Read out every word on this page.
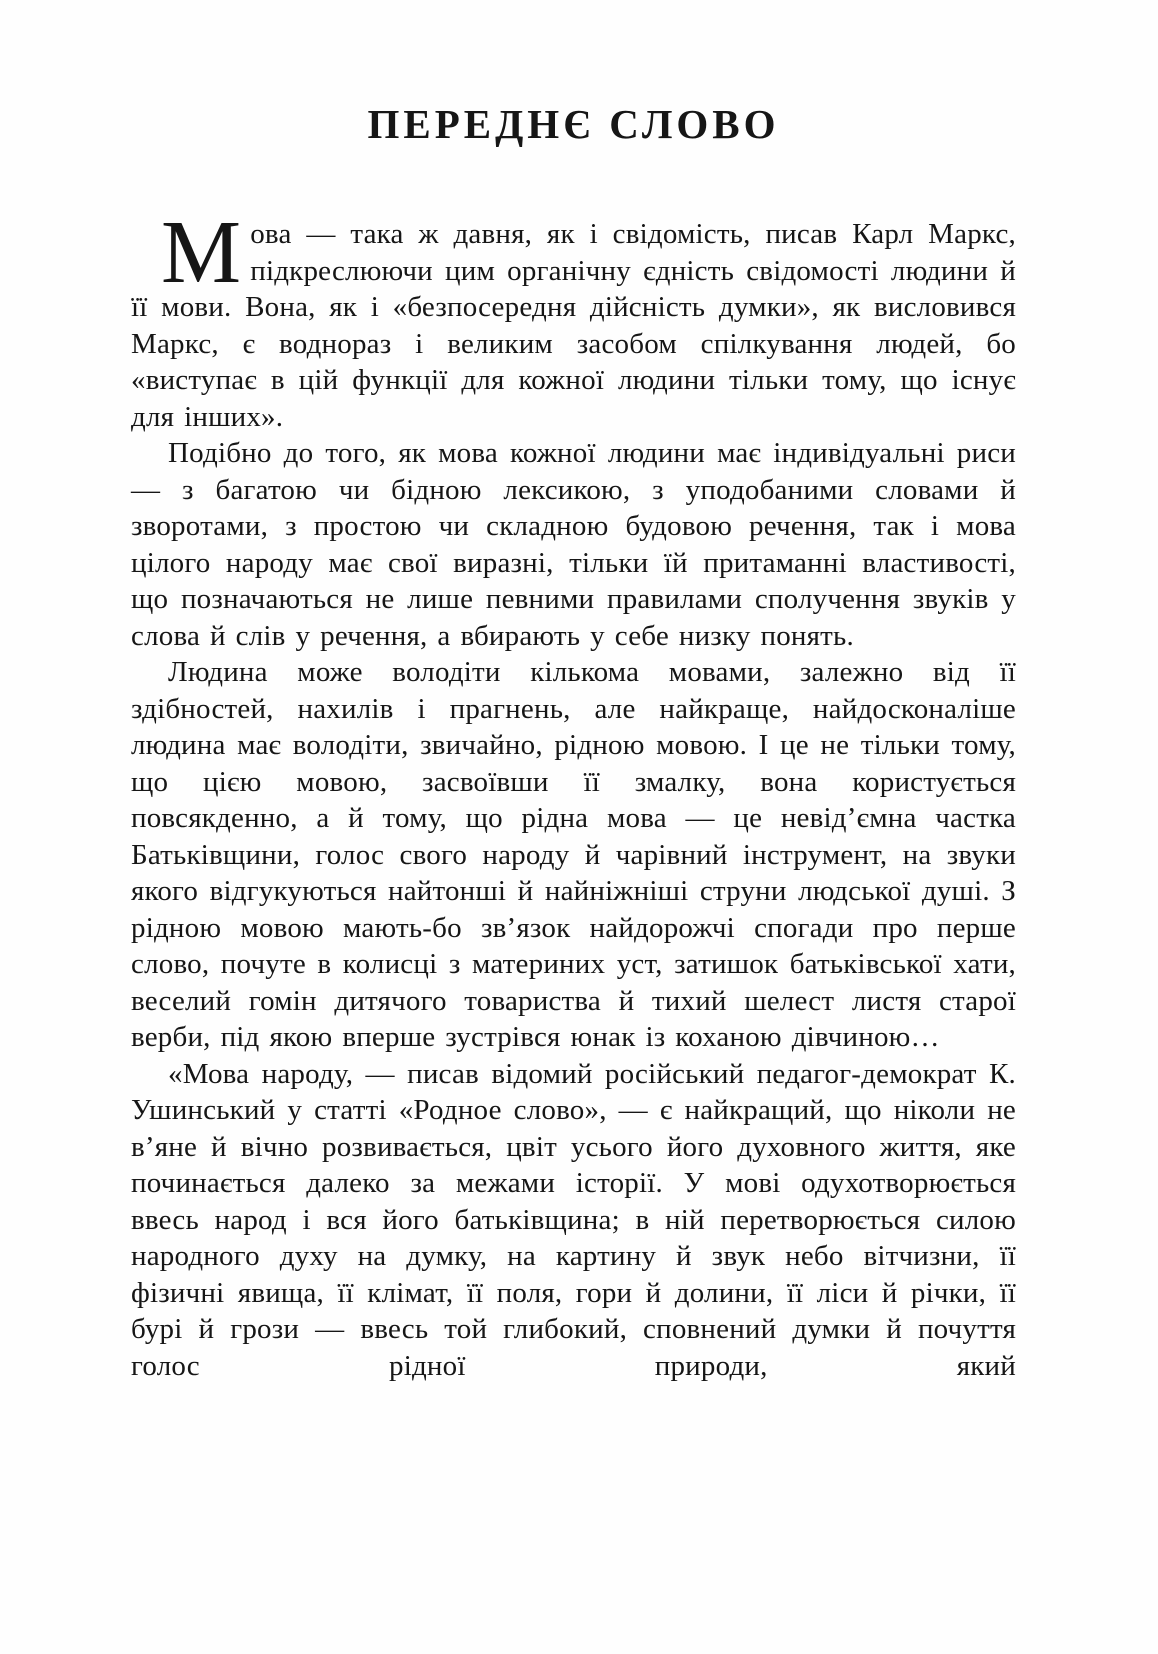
ПЕРЕДНЄ СЛОВО

Мова — така ж давня, як і свідомість, писав Карл Маркс, підкреслюючи цим органічну єдність свідомості людини й її мови. Вона, як і «безпосередня дійсність думки», як висловився Маркс, є воднораз і великим засобом спілкування людей, бо «виступає в цій функції для кожної людини тільки тому, що існує для інших».

Подібно до того, як мова кожної людини має індивідуальні риси — з багатою чи бідною лексикою, з уподобаними словами й зворотами, з простою чи складною будовою речення, так і мова цілого народу має свої виразні, тільки їй притаманні властивості, що позначаються не лише певними правилами сполучення звуків у слова й слів у речення, а вбирають у себе низку понять.

Людина може володіти кількома мовами, залежно від її здібностей, нахилів і прагнень, але найкраще, найдосконаліше людина має володіти, звичайно, рідною мовою. І це не тільки тому, що цією мовою, засвоївши її змалку, вона користується повсякденно, а й тому, що рідна мова — це невід’ємна частка Батьківщини, голос свого народу й чарівний інструмент, на звуки якого відгукуються найтонші й найніжніші струни людської душі. З рідною мовою мають-бо зв’язок найдорожчі спогади про перше слово, почуте в колисці з материних уст, затишок батьківської хати, веселий гомін дитячого товариства й тихий шелест листя старої верби, під якою вперше зустрівся юнак із коханою дівчиною…

«Мова народу, — писав відомий російський педагог-демократ К. Ушинський у статті «Родное слово», — є найкращий, що ніколи не в’яне й вічно розвивається, цвіт усього його духовного життя, яке починається далеко за межами історії. У мові одухотворюється ввесь народ і вся його батьківщина; в ній перетворюється силою народного духу на думку, на картину й звук небо вітчизни, її фізичні явища, її клімат, її поля, гори й долини, її ліси й річки, її бурі й грози — ввесь той глибокий, сповнений думки й почуття голос рідної природи, який
